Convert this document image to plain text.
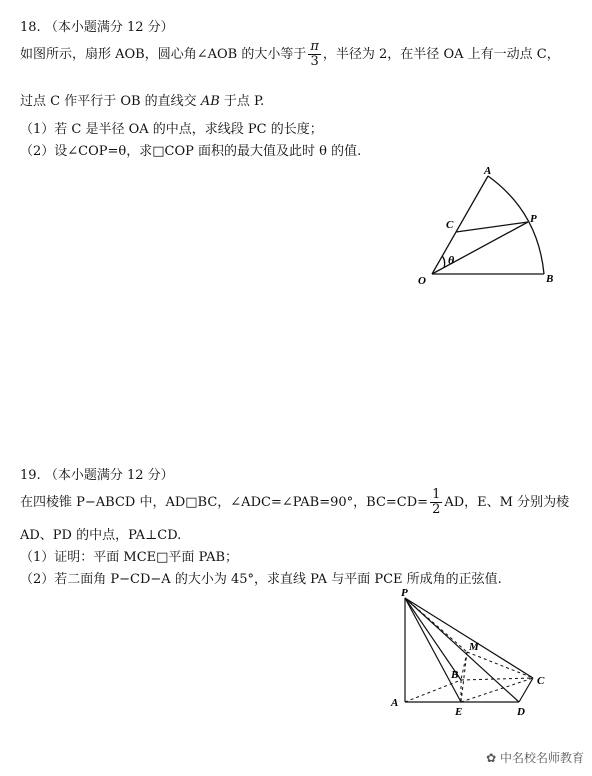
18. （本小题满分 12 分）
如图所示，扇形 AOB，圆心角∠AOB 的大小等于 $\frac{\pi}{3}$ ，半径为 2，在半径 OA 上有一动点 C，
过点 C 作平行于 OB 的直线交 AB 于点 P.
（1）若 C 是半径 OA 的中点，求线段 PC 的长度；
（2）设∠COP=θ，求□COP 面积的最大值及此时 θ 的值.
A
C	P
O	B
θ
19. （本小题满分 12 分）
在四棱锥 P−ABCD 中，AD□BC，∠ADC=∠PAB=90°，$BC=CD= \frac{1}{2}$ AD，E、M 分别为棱
AD、PD 的中点，PA⊥CD.
（1）证明：平面 MCE□平面 PAB；
（2）若二面角 P−CD−A 的大小为 45°，求直线 PA 与平面 PCE 所成角的正弦值.
P
M
B	C
A
E	D
✿ 中名校名师教育
